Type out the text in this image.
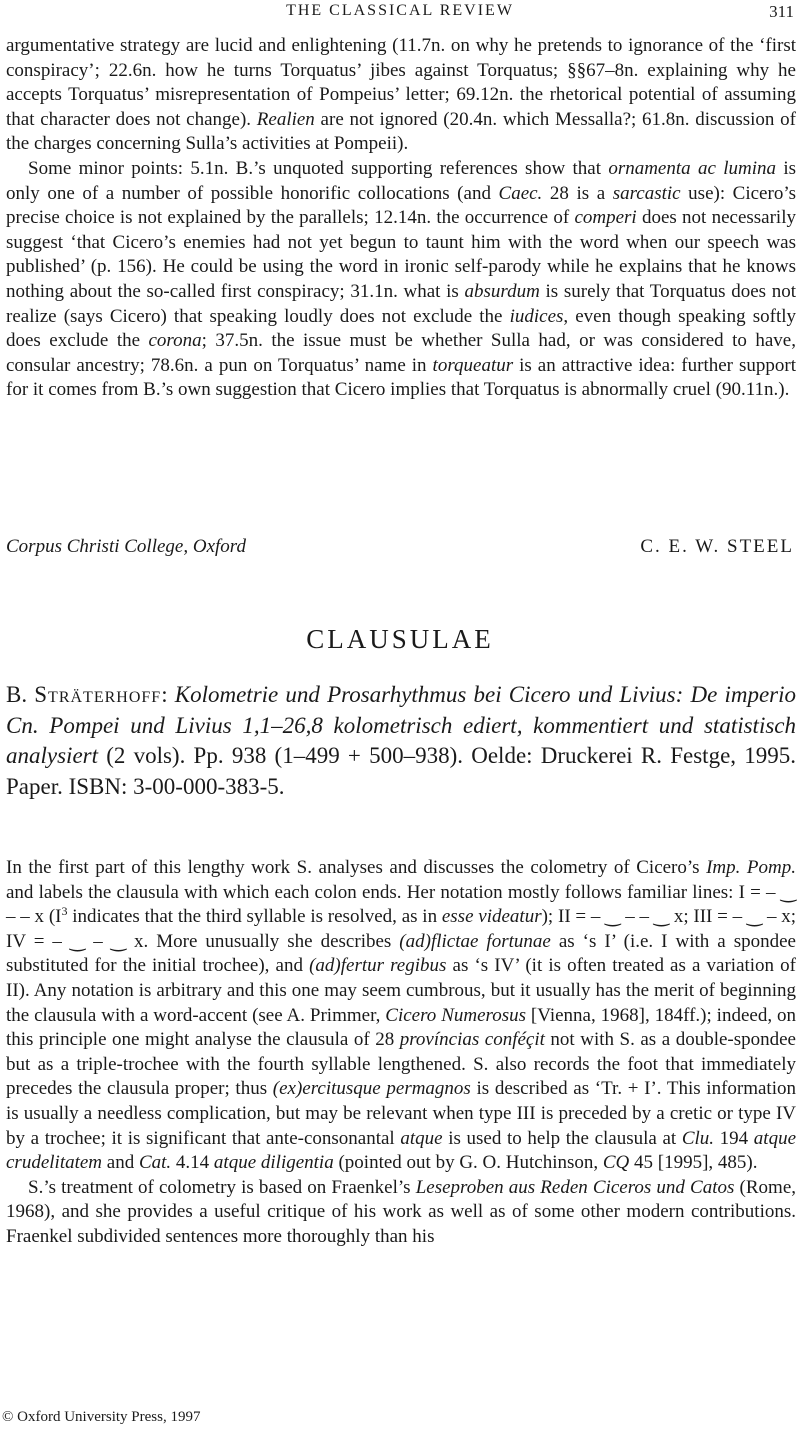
THE CLASSICAL REVIEW	311

argumentative strategy are lucid and enlightening (11.7n. on why he pretends to ignorance of the ‘first conspiracy’; 22.6n. how he turns Torquatus’ jibes against Torquatus; §§67–8n. explaining why he accepts Torquatus’ misrepresentation of Pompeius’ letter; 69.12n. the rhetorical potential of assuming that character does not change). Realien are not ignored (20.4n. which Messalla?; 61.8n. discussion of the charges concerning Sulla’s activities at Pompeii).

Some minor points: 5.1n. B.’s unquoted supporting references show that ornamenta ac lumina is only one of a number of possible honorific collocations (and Caec. 28 is a sarcastic use): Cicero’s precise choice is not explained by the parallels; 12.14n. the occurrence of comperi does not necessarily suggest ‘that Cicero’s enemies had not yet begun to taunt him with the word when our speech was published’ (p. 156). He could be using the word in ironic self-parody while he explains that he knows nothing about the so-called first conspiracy; 31.1n. what is absurdum is surely that Torquatus does not realize (says Cicero) that speaking loudly does not exclude the iudices, even though speaking softly does exclude the corona; 37.5n. the issue must be whether Sulla had, or was considered to have, consular ancestry; 78.6n. a pun on Torquatus’ name in torqueatur is an attractive idea: further support for it comes from B.’s own suggestion that Cicero implies that Torquatus is abnormally cruel (90.11n.).

Corpus Christi College, Oxford	C. E. W. STEEL
CLAUSULAE
B. Sträterhoff: Kolometrie und Prosarhythmus bei Cicero und Livius: De imperio Cn. Pompei und Livius 1,1–26,8 kolometrisch ediert, kommentiert und statistisch analysiert (2 vols). Pp. 938 (1–499 + 500–938). Oelde: Druckerei R. Festge, 1995. Paper. ISBN: 3-00-000-383-5.

In the first part of this lengthy work S. analyses and discusses the colometry of Cicero’s Imp. Pomp. and labels the clausula with which each colon ends. Her notation mostly follows familiar lines: I = ‒ ‿ ‒ ‒ x ($I^3$ indicates that the third syllable is resolved, as in esse videatur); II = ‒ ‿ ‒ ‒ ‿ x; III = ‒ ‿ ‒ x; IV = ‒ ‿ ‒ ‿ x. More unusually she describes (ad)flictae fortunae as ‘s I’ (i.e. I with a spondee substituted for the initial trochee), and (ad)fertur regibus as ‘s IV’ (it is often treated as a variation of II). Any notation is arbitrary and this one may seem cumbrous, but it usually has the merit of beginning the clausula with a word-accent (see A. Primmer, Cicero Numerosus [Vienna, 1968], 184ff.); indeed, on this principle one might analyse the clausula of 28 províncias conféçit not with S. as a double-spondee but as a triple-trochee with the fourth syllable lengthened. S. also records the foot that immediately precedes the clausula proper; thus (ex)ercitusque permagnos is described as ‘Tr. + I’. This information is usually a needless complication, but may be relevant when type III is preceded by a cretic or type IV by a trochee; it is significant that ante-consonantal atque is used to help the clausula at Clu. 194 atque crudelitatem and Cat. 4.14 atque diligentia (pointed out by G. O. Hutchinson, CQ 45 [1995], 485).

S.’s treatment of colometry is based on Fraenkel’s Leseproben aus Reden Ciceros und Catos (Rome, 1968), and she provides a useful critique of his work as well as of some other modern contributions. Fraenkel subdivided sentences more thoroughly than his

© Oxford University Press, 1997
